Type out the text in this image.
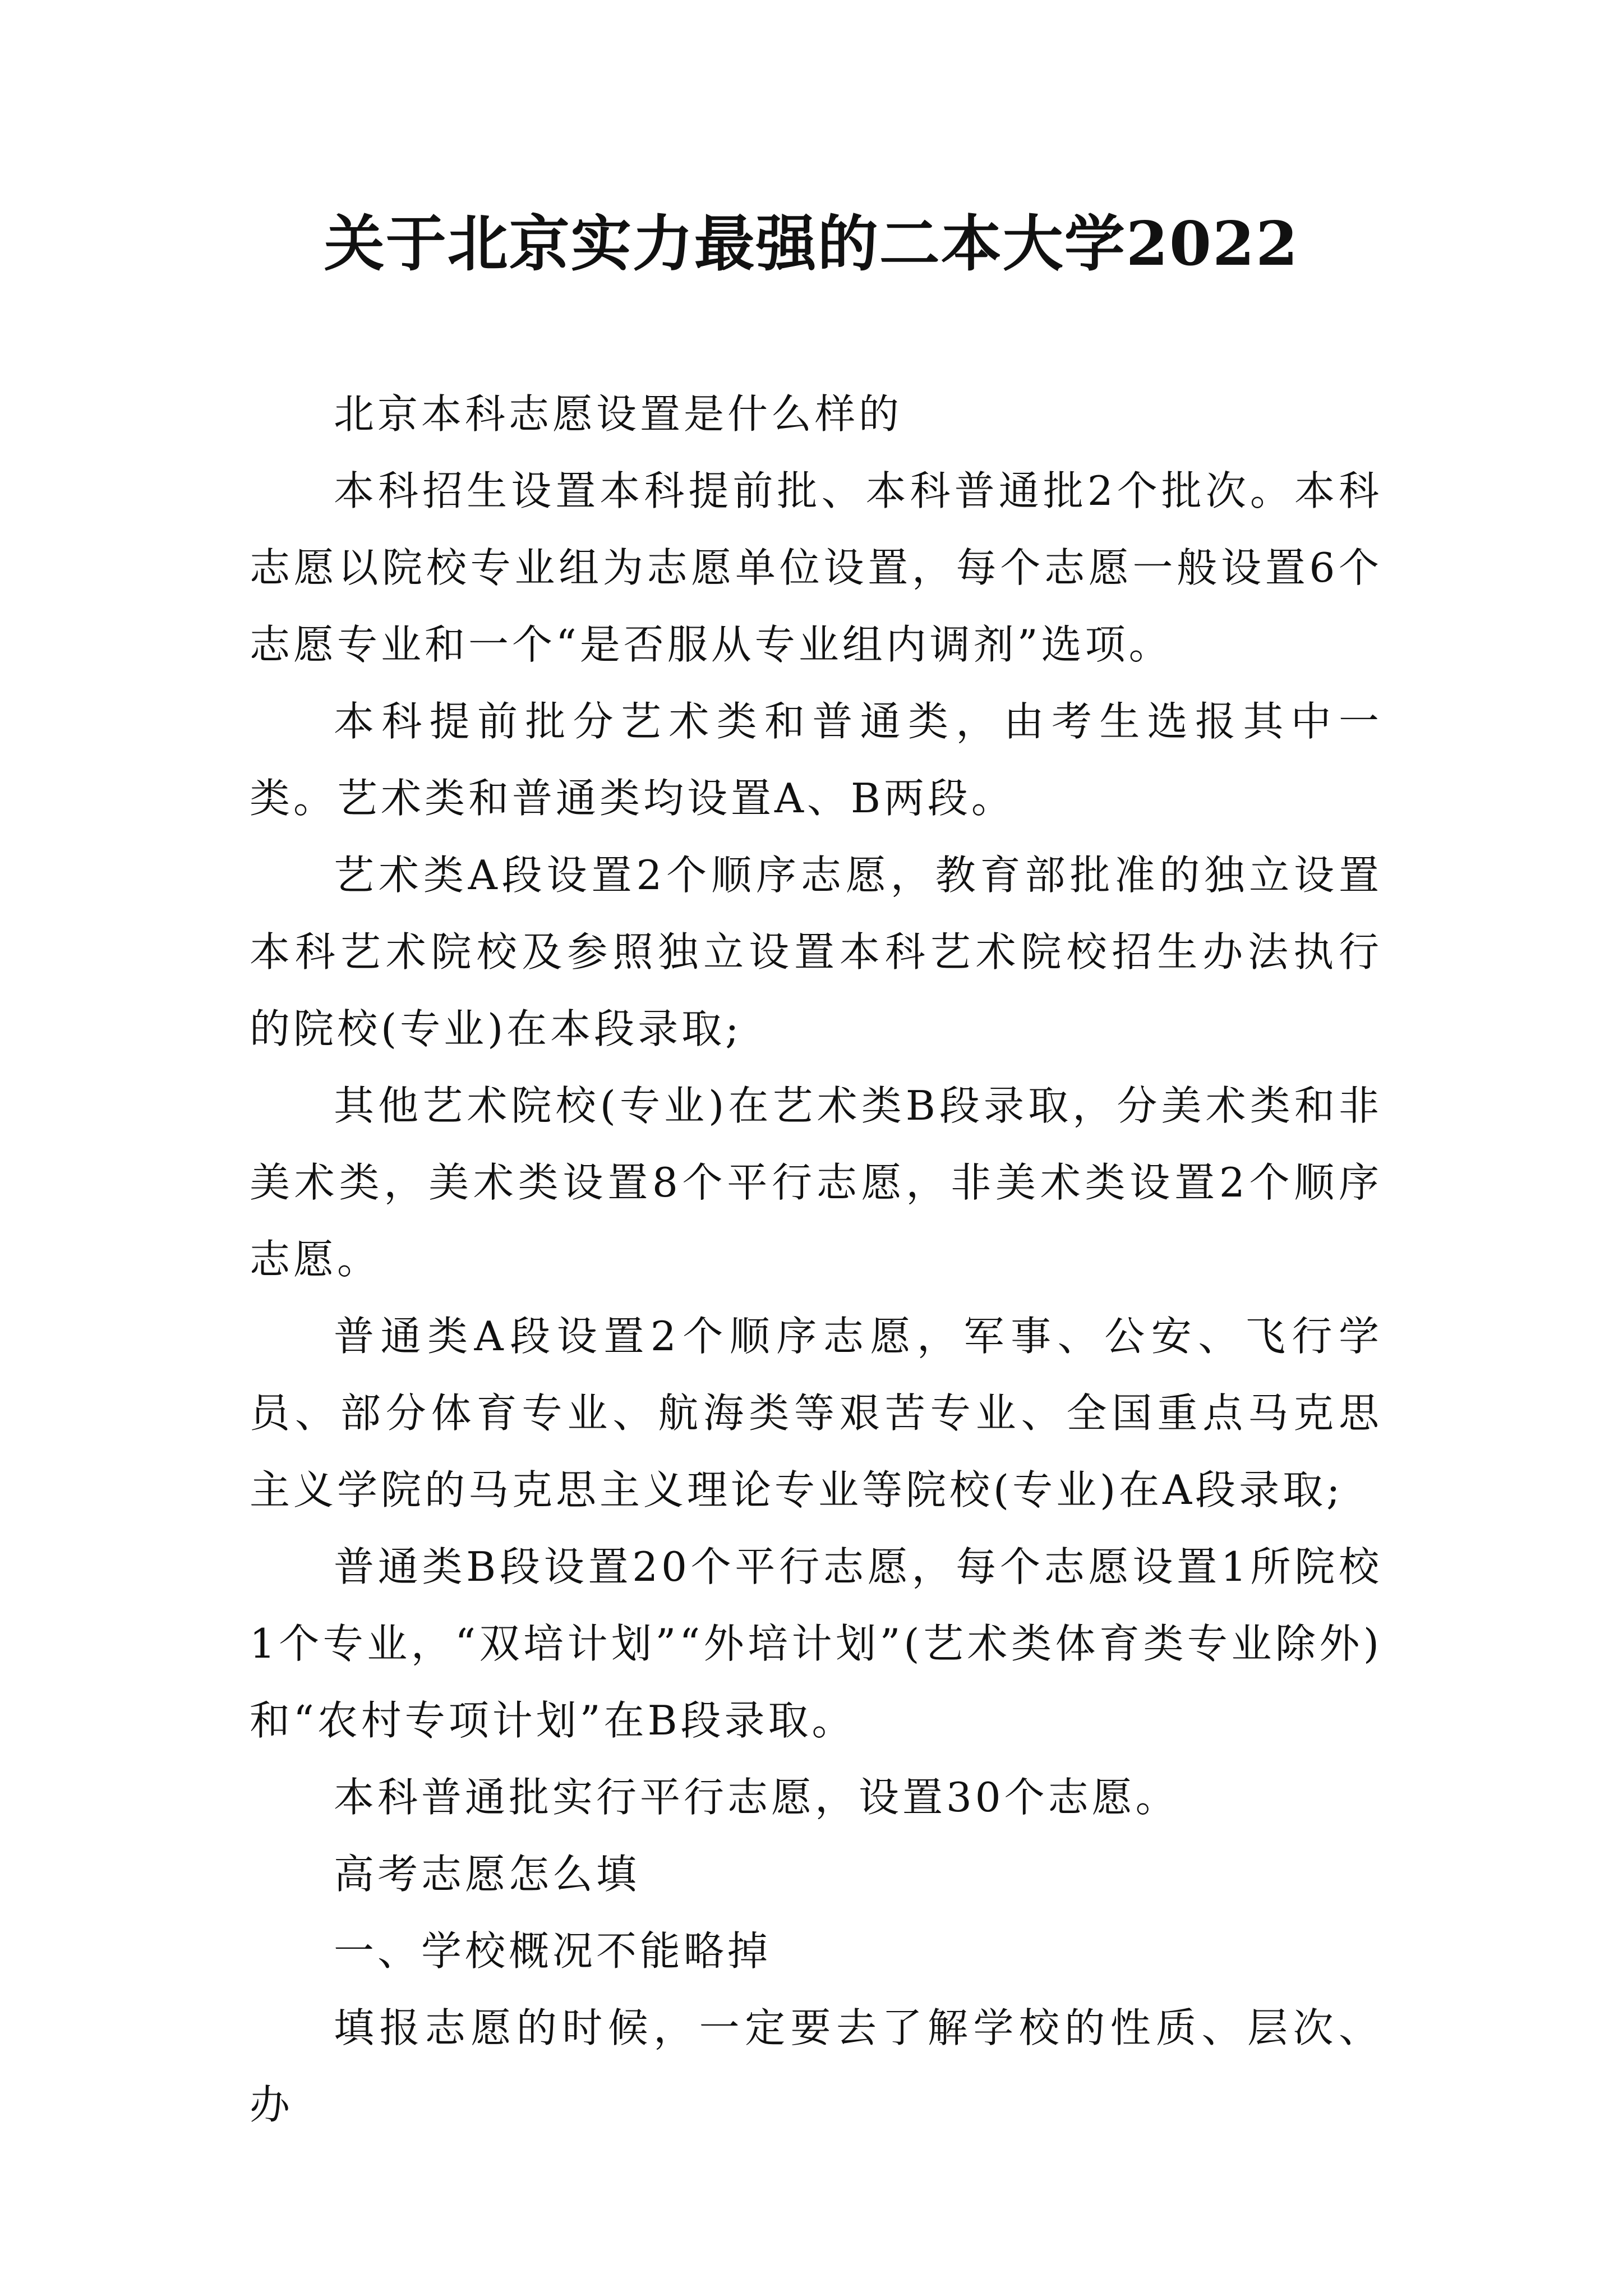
关于北京实力最强的二本大学2022

北京本科志愿设置是什么样的

本科招生设置本科提前批、本科普通批2个批次。本科志愿以院校专业组为志愿单位设置，每个志愿一般设置6个志愿专业和一个“是否服从专业组内调剂”选项。

本科提前批分艺术类和普通类，由考生选报其中一类。艺术类和普通类均设置A、B两段。

艺术类A段设置2个顺序志愿，教育部批准的独立设置本科艺术院校及参照独立设置本科艺术院校招生办法执行的院校(专业)在本段录取;

其他艺术院校(专业)在艺术类B段录取，分美术类和非美术类，美术类设置8个平行志愿，非美术类设置2个顺序志愿。

普通类A段设置2个顺序志愿，军事、公安、飞行学员、部分体育专业、航海类等艰苦专业、全国重点马克思主义学院的马克思主义理论专业等院校(专业)在A段录取;

普通类B段设置20个平行志愿，每个志愿设置1所院校1个专业，“双培计划”“外培计划”(艺术类体育类专业除外)和“农村专项计划”在B段录取。

本科普通批实行平行志愿，设置30个志愿。

高考志愿怎么填

一、学校概况不能略掉

填报志愿的时候，一定要去了解学校的性质、层次、办
